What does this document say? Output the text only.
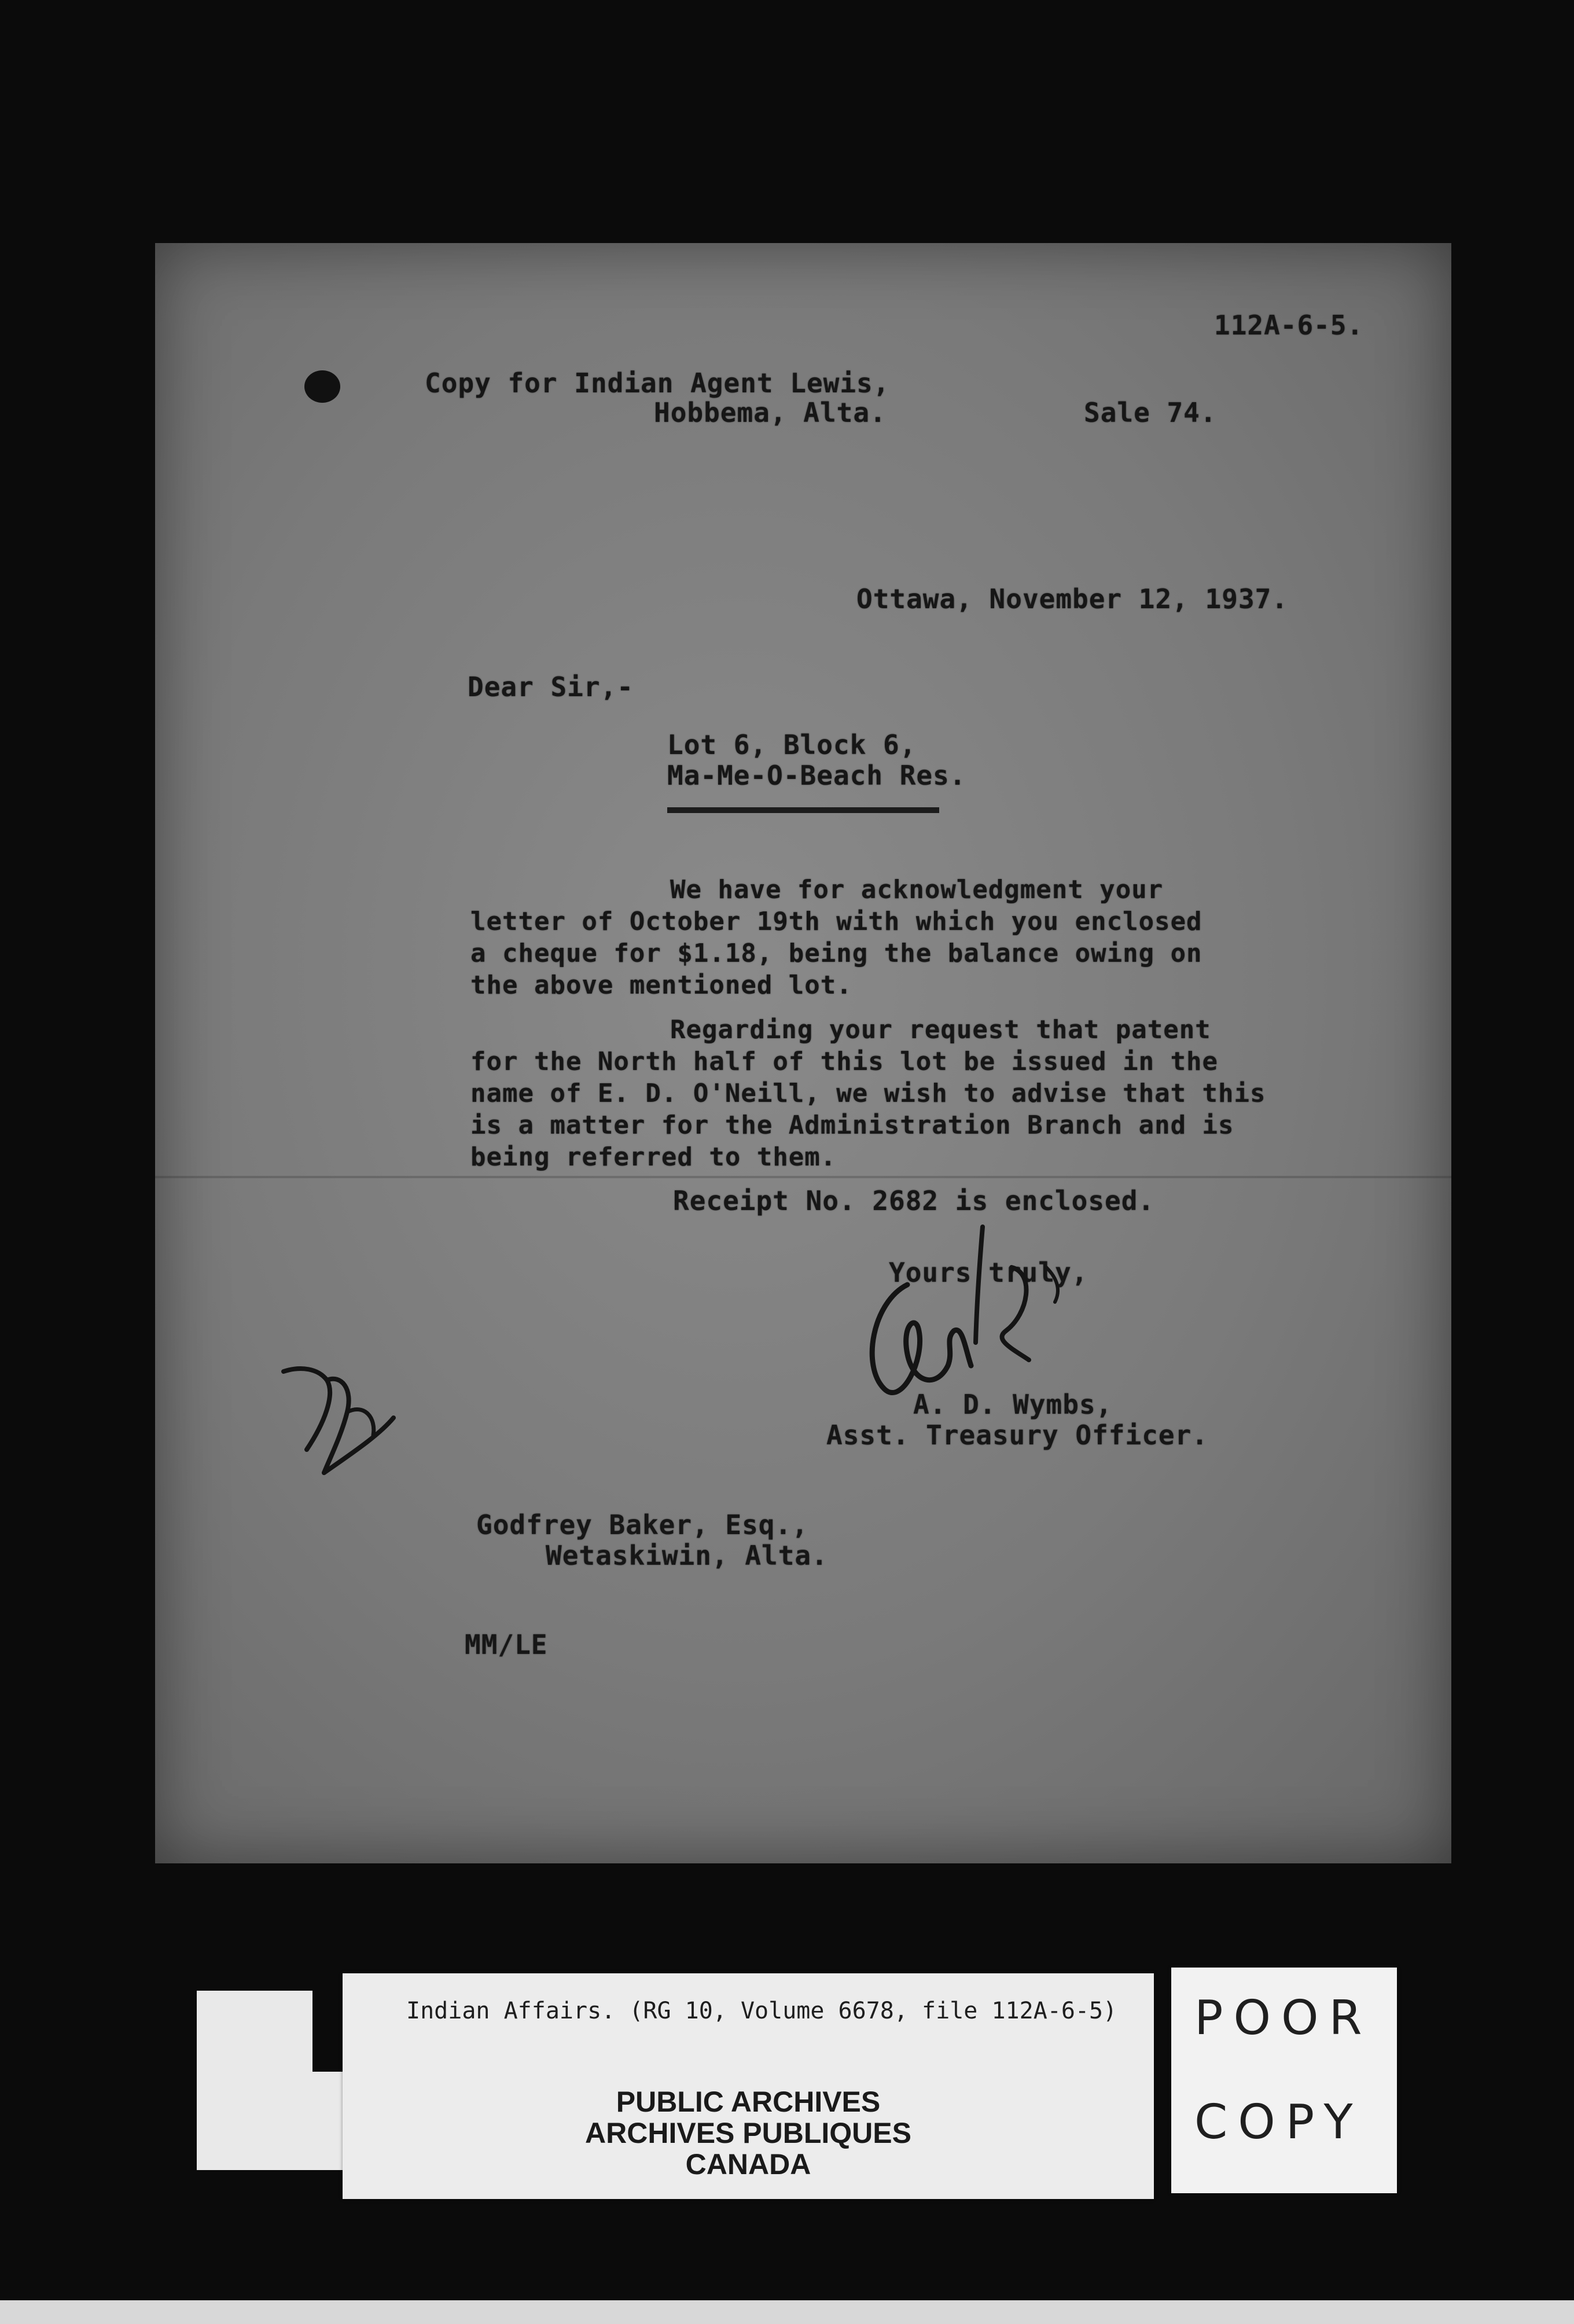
112A-6-5.
Copy for Indian Agent Lewis,
Hobbema, Alta.	Sale 74.
Ottawa, November 12, 1937.
Dear Sir,-
Lot 6, Block 6,
Ma-Me-O-Beach Res.
We have for acknowledgment your
letter of October 19th with which you enclosed
a cheque for $1.18, being the balance owing on
the above mentioned lot.
Regarding your request that patent
for the North half of this lot be issued in the
name of E. D. O'Neill, we wish to advise that this
is a matter for the Administration Branch and is
being referred to them.
Receipt No. 2682 is enclosed.
Yours truly,
A. D. Wymbs,
Asst. Treasury Officer.
Godfrey Baker, Esq.,
Wetaskiwin, Alta.
MM/LE
Indian Affairs. (RG 10, Volume 6678, file 112A-6-5)
PUBLIC ARCHIVES
ARCHIVES PUBLIQUES
CANADA
POOR
COPY
